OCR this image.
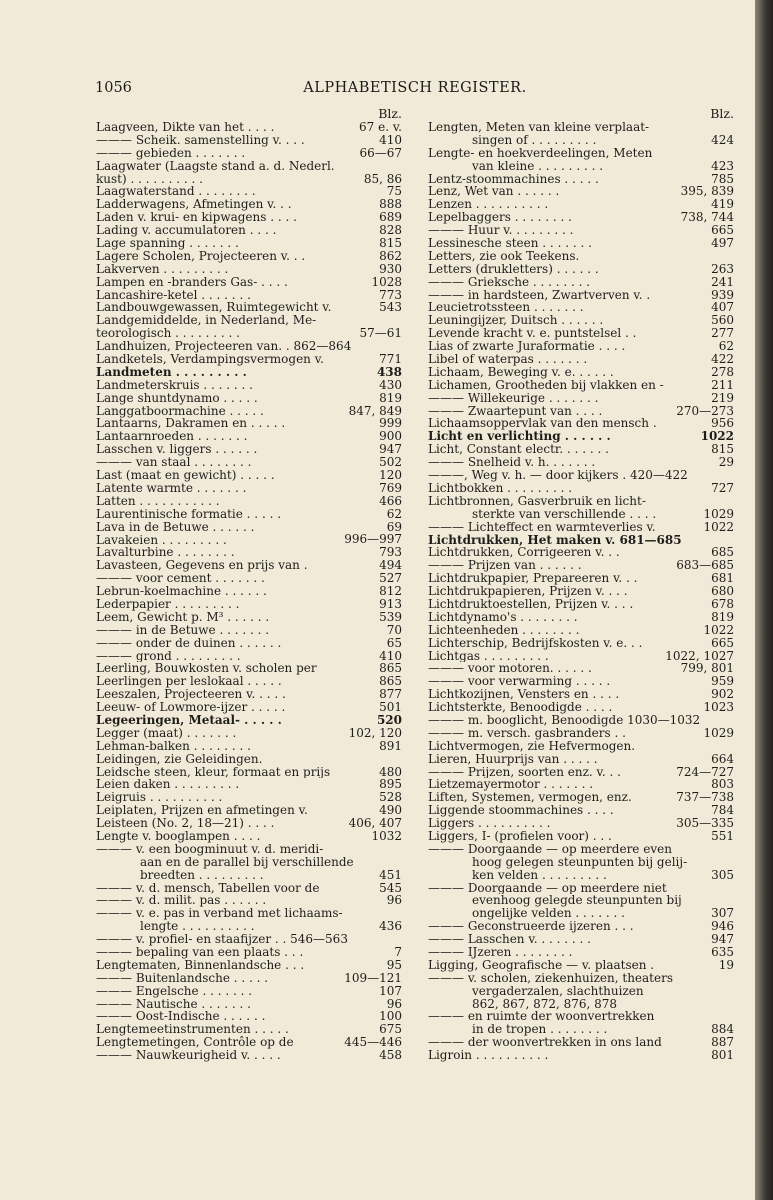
1056	ALPHABETISCH REGISTER.
Blz.
Laagveen, Dikte van het . . . .	67 e. v.
——— Scheik. samenstelling v. . . .	410
——— gebieden . . . . . . .	66—67
Laagwater (Laagste stand a. d. Nederl.
kust) . . . . . . . . . .	85, 86
Laagwaterstand . . . . . . . .	75
Ladderwagens, Afmetingen v. . .	888
Laden v. krui- en kipwagens . . . .	689
Lading v. accumulatoren . . . .	828
Lage spanning . . . . . . .	815
Lagere Scholen, Projecteeren v. . .	862
Lakverven . . . . . . . . .	930
Lampen en -branders Gas- . . . .	1028
Lancashire-ketel . . . . . . .	773
Landbouwgewassen, Ruimtegewicht v.	543
Landgemiddelde, in Nederland, Me-
teorologisch . . . . . . . . .	57—61
Landhuizen, Projecteeren van. . 862—864
Landketels, Verdampingsvermogen v.	771
Landmeten . . . . . . . . .	438
Landmeterskruis . . . . . . .	430
Lange shuntdynamo . . . . .	819
Langgatboormachine . . . . .	847, 849
Lantaarns, Dakramen en . . . . .	999
Lantaarnroeden . . . . . . .	900
Lasschen v. liggers . . . . . .	947
——— van staal . . . . . . . .	502
Last (maat en gewicht) . . . . .	120
Latente warmte . . . . . . .	769
Latten . . . . . . . . . . .	466
Laurentinische formatie . . . . .	62
Lava in de Betuwe . . . . . .	69
Lavakeien . . . . . . . . .	996—997
Lavalturbine . . . . . . . .	793
Lavasteen, Gegevens en prijs van .	494
——— voor cement . . . . . . .	527
Lebrun-koelmachine . . . . . .	812
Lederpapier . . . . . . . . .	913
Leem, Gewicht p. M³ . . . . . .	539
——— in de Betuwe . . . . . . .	70
——— onder de duinen . . . . . .	65
——— grond . . . . . . . . .	410
Leerling, Bouwkosten v. scholen per	865
Leerlingen per leslokaal . . . . .	865
Leeszalen, Projecteeren v. . . . .	877
Leeuw- of Lowmore-ijzer . . . . .	501
Legeeringen, Metaal- . . . . .	520
Legger (maat) . . . . . . .	102, 120
Lehman-balken . . . . . . . .	891
Leidingen, zie Geleidingen.
Leidsche steen, kleur, formaat en prijs	480
Leien daken . . . . . . . . .	895
Leigruis . . . . . . . . . .	528
Leiplaten, Prijzen en afmetingen v.	490
Leisteen (No. 2, 18—21) . . . .	406, 407
Lengte v. booglampen . . . .	1032
——— v. een boogminuut v. d. meridi-
aan en de parallel bij verschillende
breedten . . . . . . . . .	451
——— v. d. mensch, Tabellen voor de	545
——— v. d. milit. pas . . . . . .	96
——— v. e. pas in verband met lichaams-
lengte . . . . . . . . . .	436
——— v. profiel- en staafijzer . . 546—563
——— bepaling van een plaats . . .	7
Lengtematen, Binnenlandsche . . .	95
——— Buitenlandsche . . . . .	109—121
——— Engelsche . . . . . . .	107
——— Nautische . . . . . . .	96
——— Oost-Indische . . . . . .	100
Lengtemeetinstrumenten . . . . .	675
Lengtemetingen, Contrôle op de	445—446
——— Nauwkeurigheid v. . . . .	458
Blz.
Lengten, Meten van kleine verplaat-
singen of . . . . . . . . .	424
Lengte- en hoekverdeelingen, Meten
van kleine . . . . . . . . .	423
Lentz-stoommachines . . . . .	785
Lenz, Wet van . . . . . .	395, 839
Lenzen . . . . . . . . . .	419
Lepelbaggers . . . . . . . .	738, 744
——— Huur v. . . . . . . . .	665
Lessinesche steen . . . . . . .	497
Letters, zie ook Teekens.
Letters (drukletters) . . . . . .	263
——— Grieksche . . . . . . . .	241
——— in hardsteen, Zwartverven v. .	939
Leucietrotssteen . . . . . . .	407
Leuningijzer, Duitsch . . . . . .	560
Levende kracht v. e. puntstelsel . .	277
Lias of zwarte Juraformatie . . . .	62
Libel of waterpas . . . . . . .	422
Lichaam, Beweging v. e. . . . . .	278
Lichamen, Grootheden bij vlakken en -	211
——— Willekeurige . . . . . . .	219
——— Zwaartepunt van . . . .	270—273
Lichaamsoppervlak van den mensch .	956
Licht en verlichting . . . . . .	1022
Licht, Constant electr. . . . . . .	815
——— Snelheid v. h. . . . . . .	29
———, Weg v. h. — door kijkers . 420—422
Lichtbokken . . . . . . . . .	727
Lichtbronnen, Gasverbruik en licht-
sterkte van verschillende . . . .	1029
——— Lichteffect en warmteverlies v.	1022
Lichtdrukken, Het maken v. 681—685
Lichtdrukken, Corrigeeren v. . .	685
——— Prijzen van . . . . . .	683—685
Lichtdrukpapier, Prepareeren v. . .	681
Lichtdrukpapieren, Prijzen v. . . .	680
Lichtdruktoestellen, Prijzen v. . . .	678
Lichtdynamo's . . . . . . . .	819
Lichteenheden . . . . . . . .	1022
Lichterschip, Bedrijfskosten v. e. . .	665
Lichtgas . . . . . . . . .	1022, 1027
——— voor motoren. . . . . .	799, 801
——— voor verwarming . . . . .	959
Lichtkozijnen, Vensters en . . . .	902
Lichtsterkte, Benoodigde . . . .	1023
——— m. booglicht, Benoodigde 1030—1032
——— m. versch. gasbranders . .	1029
Lichtvermogen, zie Hefvermogen.
Lieren, Huurprijs van . . . . .	664
——— Prijzen, soorten enz. v. . .	724—727
Lietzemayermotor . . . . . . .	803
Liften, Systemen, vermogen, enz.	737—738
Liggende stoommachines . . . .	784
Liggers . . . . . . . . . .	305—335
Liggers, I- (profielen voor) . . .	551
——— Doorgaande — op meerdere even
hoog gelegen steunpunten bij gelij-
ken velden . . . . . . . . .	305
——— Doorgaande — op meerdere niet
evenhoog gelegde steunpunten bij
ongelijke velden . . . . . . .	307
——— Geconstrueerde ijzeren . . .	946
——— Lasschen v. . . . . . . .	947
——— IJzeren . . . . . . . .	635
Ligging, Geografische — v. plaatsen .	19
——— v. scholen, ziekenhuizen, theaters
vergaderzalen, slachthuizen
862, 867, 872, 876, 878
——— en ruimte der woonvertrekken
in de tropen . . . . . . . .	884
——— der woonvertrekken in ons land	887
Ligroin . . . . . . . . . .	801
